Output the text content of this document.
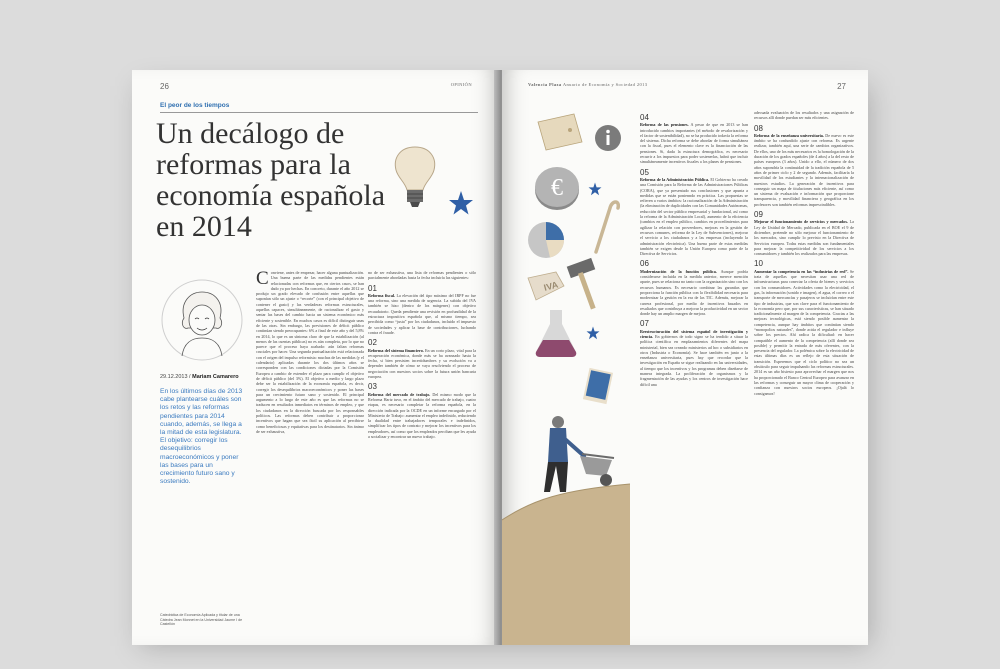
26	OPINIÓN
El peor de los tiempos
Un decálogo de reformas para la economía española en 2014
29.12.2013 / Mariam Camarero
En los últimos días de 2013 cabe plantearse cuáles son los retos y las reformas pendientes para 2014 cuando, además, se llega a la mitad de esta legislatura. El objetivo: corregir los desequilibrios macroeconómicos y poner las bases para un crecimiento futuro sano y sostenido.
Catedrática de Economía Aplicada y titular de una Cátedra Jean Monnet en la Universidad Jaume I de Castellón
Conviene, antes de empezar, hacer alguna puntualización. Una buena parte de las medidas pendientes están relacionadas con reformas que, en ciertos casos, se han dado ya por hechas. En concreto, durante el año 2012 se produjo un grado elevado de confusión entre aquellas que suponían sólo un ajuste o “recorte” (con el principal objetivo de contener el gasto) y las verdaderas reformas estructurales, aquellas capaces, simultáneamente, de racionalizar el gasto y sentar las bases del cambio hacia un sistema económico más eficiente y sostenible. En muchos casos es difícil distinguir unas de las otras. Sin embargo, las previsiones de déficit público continúan siendo preocupantes: 6% a final de este año y del 5,8% en 2014, lo que es un síntoma claro de que la estabilización (al menos de las cuentas públicas) no es aún completa, por lo que no parece que el proceso haya acabado: aún faltan reformas cruciales por hacer. Una segunda puntualización está relacionada con el origen del impulso reformista: muchas de las medidas (y el calendario) aplicadas durante los dos últimos años se corresponden con las condiciones dictadas por la Comisión Europea a cambio de extender el plazo para cumplir el objetivo de déficit público (del 3%). El objetivo a medio y largo plazo debe ser la estabilización de la economía española, es decir, corregir los desequilibrios macroeconómicos y poner las bases para un crecimiento futuro sano y sostenido. El principal argumento a lo largo de este año es que las reformas no se traducen en resultados inmediatos en términos de empleo, y que los ciudadanos en la dirección buscada por los responsables políticos. Las reformas deben contribuir a proporcionar incentivos que hagan que sea fácil su aplicación al percibirse como beneficiosas y equitativas para los destinatarios. Sin ánimo de ser exhaustiva,

no de ser exhaustiva, una lista de reformas pendientes o sólo parcialmente abordadas hasta la fecha incluiría las siguientes:

01

Reforma fiscal. La elevación del tipo máximo del IRPF no fue una reforma, sino una medida de urgencia. La subida del IVA también se hizo (dentro de los márgenes) con objetivo recaudatorio. Queda pendiente una revisión en profundidad de la estructura impositiva española que, al mismo tiempo, sea percibida como “justa” por los ciudadanos, incluido el impuesto de sociedades y aplicar la base de contribuciones, luchando contra el fraude.

02

Reforma del sistema financiero. En un corto plazo, vital para la recuperación económica, donde más se ha avanzado hasta la fecha, si bien persisten incertidumbres y su evolución va a depender también de cómo se vaya resolviendo el proceso de negociación con nuestros socios sobre la futura unión bancaria europea.

03

Reforma del mercado de trabajo. Del mismo modo que la Reforma Hartz tuvo, en el ámbito del mercado de trabajo, cuatro etapas, es necesario completar la reforma española, en la dirección indicada por la OCDE en un informe encargado por el Ministerio de Trabajo: aumentar el empleo indefinido, reduciendo la dualidad entre trabajadores temporales e indefinidos, simplificar los tipos de contrato y mejorar los incentivos para los empleadores, así como que los empleados perciban que les ayuda a socializar y encontrar un nuevo trabajo.

Valencia Plaza Anuario de Economía y Sociedad 2013	27
€
IVA
04

Reforma de las pensiones. A pesar de que en 2013 se han introducido cambios importantes (el método de revalorización y el factor de sostenibilidad), no se ha producido todavía la reforma del sistema. Dicha reforma se debe abordar de forma simultánea con la fiscal, pues el elemento clave es la financiación de las pensiones. Si, dada la estructura demográfica, es necesario recurrir a los impuestos para poder sostenerlas, habrá que incluir simultáneamente incentivos fiscales a los planes de pensiones.

05

Reforma de la Administración Pública. El Gobierno ha creado una Comisión para la Reforma de las Administraciones Públicas (CORA), que ya presentado sus conclusiones y que apunta a medidas que se están ponienndo en práctica. Las propuestas se refieren a varios ámbitos: la racionalización de la Administración (la eliminación de duplicidades con las Comunidades Autónomas, reducción del sector público empresarial y fundacional, así como la reforma de la Administración Local), aumento de la eficiencia (cambios en el empleo público, cambios en procedimientos para agilizar la relación con proveedores, mejoras en la gestión de recursos comunes, reforma de la Ley de Subvenciones), mejorar el servicio a los ciudadanos y a las empresas (incluyendo la administración electrónica). Una buena parte de estas medidas también se exigen desde la Unión Europea como parte de la Directiva de Servicios.

06

Modernización de la función pública. Aunque podría considerarse incluida en la medida anterior, merece mención aparte, pues se relaciona no tanto con la organización sino con los recursos humanos. Es necesario combinar las garantías que proporciona la función pública con la flexibilidad necesaria para modernizar la gestión en la era de las TIC. Además, mejorar la carrera profesional, por medio de incentivos basados en resultados que contribuya a mejorar la productividad en un sector donde hay un amplio margen de mejora.

07

Reestructuración del sistema español de investigación y ciencia. En gobiernos de todo signo se ha tendido a situar la política científica en emplazamientos diferentes del mapa ministerial, bien sea creando ministerios ad hoc o subsidiarios en otros (Industria o Economía). Se hace también en junio a la enseñanza universitaria, pues hay que recordar que la investigación en España se sigue realizando en las universidades, al tiempo que los incentivos y los programas deben diseñarse de manera integrada. La proliferación de organismos y la fragmentación de las ayudas y los centros de investigación hace difícil una

adecuada evaluación de los resultados y una asignación de recursos allí donde puedan ser más eficientes.

08

Reforma de la enseñanza universitaria. De nuevo es este ámbito se ha confundido ajuste con reforma. Es urgente realizar, también aquí, una serie de cambios organizativos. De ellos, uno de los más necesarios es la homologación de la duración de los grados españoles (de 4 años) a la del resto de países europeos (3 años). Unido a ello, el número de dos años supondría la continuidad de la tradición española de 5 años de primer ciclo y 2 de segundo. Además, facilitaría la movilidad de los estudiantes y la internacionalización de nuestros estudios. La generación de incentivos para conseguir un mapa de titulaciones más eficiente, así como un sistema de evaluación e información que proporcione transparencia, y movilidad financiera y geográfica en los profesores son también reformas imprescindibles.

09

Mejorar el funcionamiento de servicios y mercados. La Ley de Unidad de Mercado, publicada en el BOE el 9 de diciembre, pretende no sólo mejorar el funcionamiento de los mercados, sino cumplir lo previsto en la Directiva de Servicios europea. Todas estas medidas son fundamentales para mejorar la competitividad de los servicios a los consumidores y también los realizados para las empresas.

10

Aumentar la competencia en las “industrias de red”. Se trata de aquellas que necesitan usar una red de infraestructuras para conectar la oferta de bienes y servicios con los consumidores. Actividades como la electricidad, el gas, la información (sonido e imagen), el agua, el correo o el transporte de mercancías y pasajeros se incluirían entre este tipo de industrias, que son clave para el funcionamiento de la economía pero que, por sus características, se han situado tradicionalmente al margen de la competencia. Gracias a las mejoras tecnológicas, está siendo posible aumentar la competencia, aunque hay ámbitos que continúan siendo “monopolios naturales”, donde actúa el regulador e influye sobre los precios. Ahí radica la dificultad: en hacer compatible el aumento de la competencia (allí donde sea posible) y permitir la entrada de más oferentes, con la presencia del regulador. La polémica sobre la electricidad de estas últimas días es un reflejo de esta situación de transición. Esperemos que el ciclo político no sea un obstáculo para seguir impulsando las reformas estructurales. 2014 es un año bisiesto para aprovechar el margen que nos ha proporcionado el Banco Central Europeo para avanzar en las reformas y conseguir un mayor clima de cooperación y confianza con nuestros socios europeos. ¡Ojalá lo consigamos!
